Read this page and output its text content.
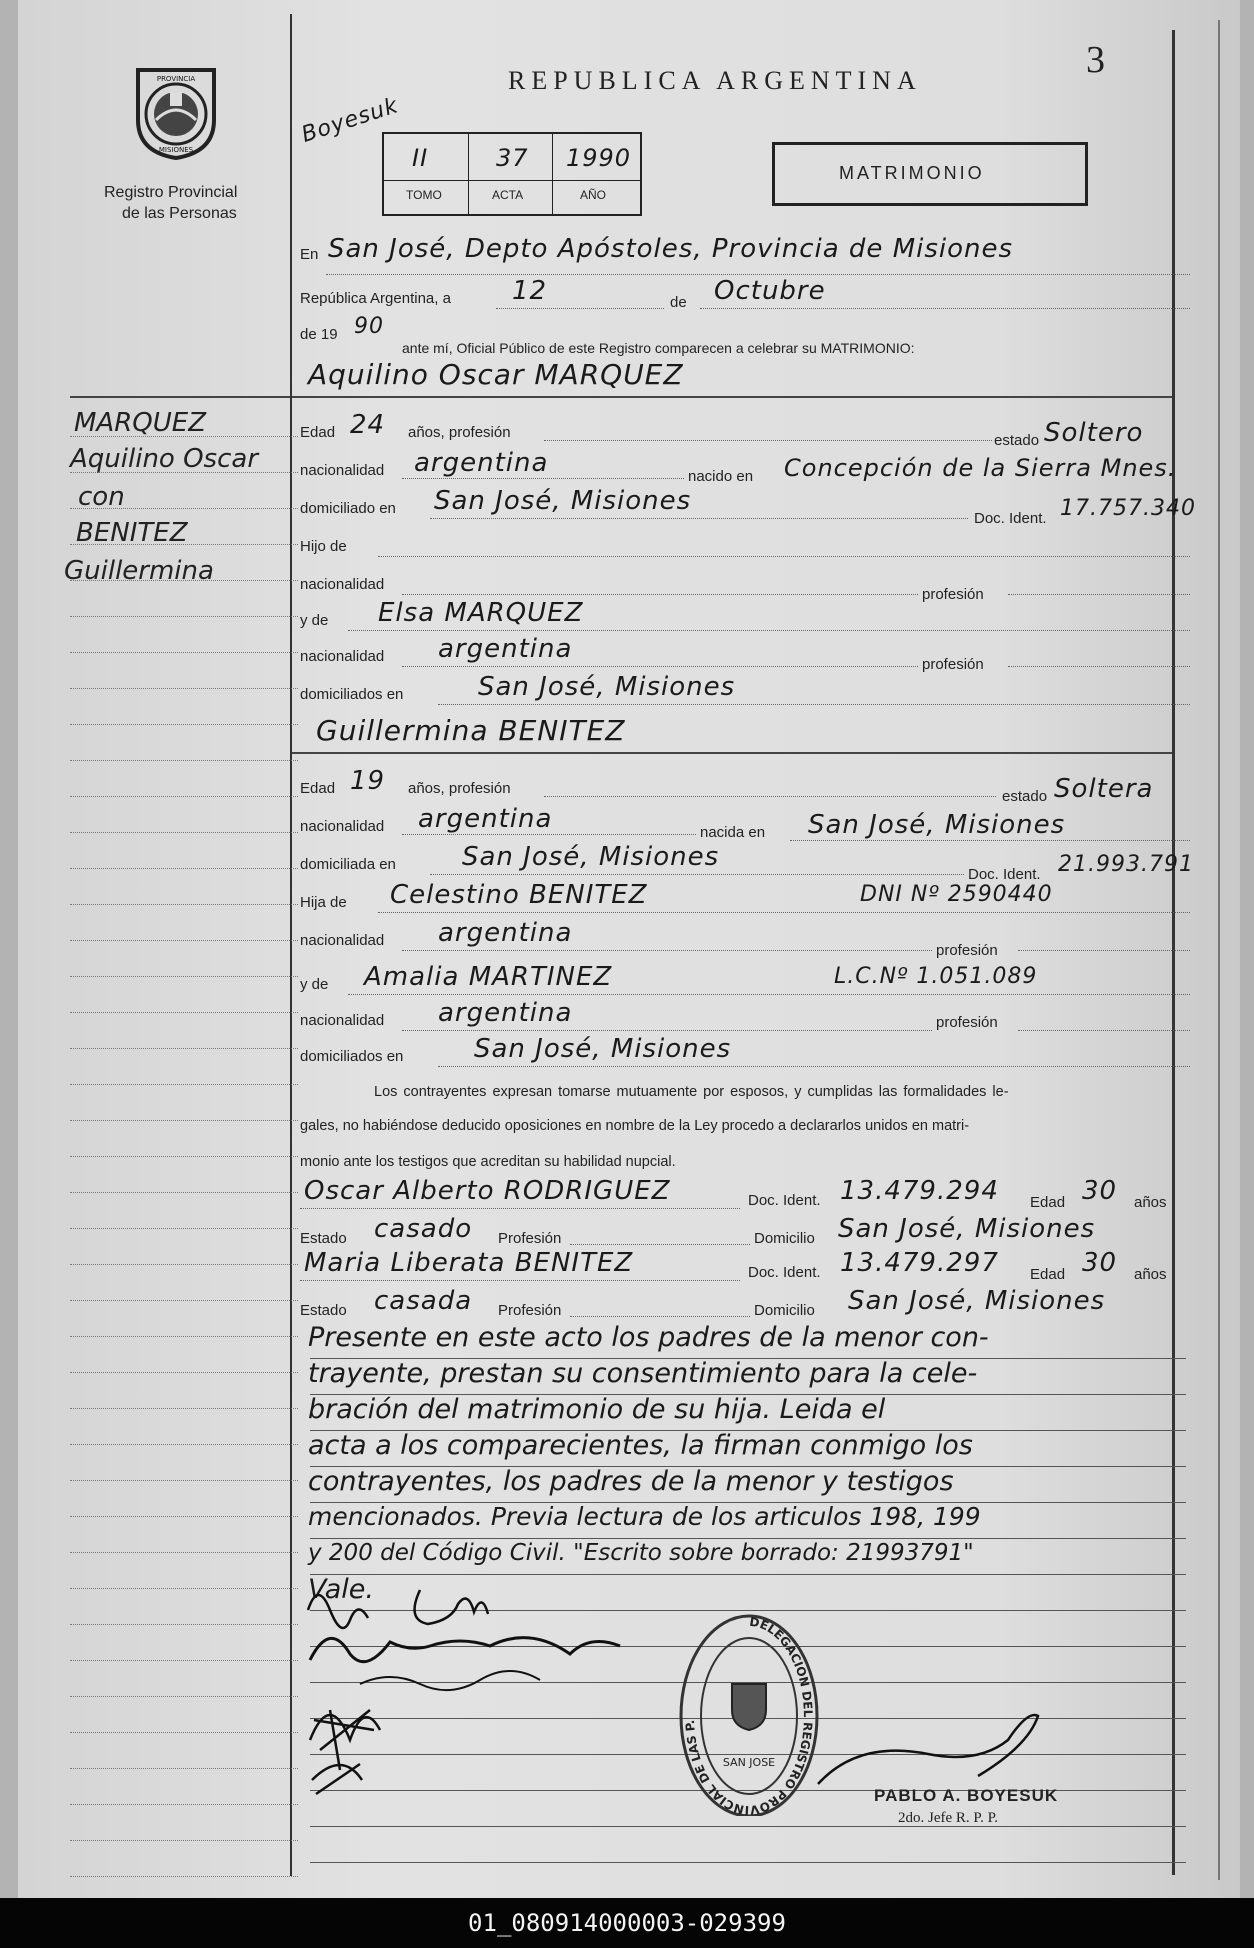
PROVINCIA
MISIONES
Registro Provincial
de las Personas
REPUBLICA ARGENTINA	3
Boyesuk
II	37 1990
TOMO	ACTA	AÑO
MATRIMONIO
En San José, Depto Apóstoles, Provincia de Misiones
República Argentina, a 12	de Octubre
de 19 90
ante mí, Oficial Público de este Registro comparecen a celebrar su MATRIMONIO:
Aquilino Oscar MARQUEZ
Edad 24 años, profesión	estado Soltero
nacionalidad argentina	nacido en Concepción de la Sierra Mnes.
domiciliado en San José, Misiones
Doc. Ident. 17.757.340
Hijo de
nacionalidad
profesión
y de Elsa MARQUEZ
nacionalidad argentina
profesión
domiciliados en	San José, Misiones
Guillermina BENITEZ
Edad 19 años, profesión	estado Soltera
nacionalidad argentina	nacida en San José, Misiones
domiciliada en	San José, Misiones
Doc. Ident. 21.993.791
Hija de Celestino BENITEZ	DNI Nº 2590440
nacionalidad argentina
profesión
y de Amalia MARTINEZ	L.C.Nº 1.051.089
nacionalidad argentina	profesión
domiciliados en	San José, Misiones
Los contrayentes expresan tomarse mutuamente por esposos, y cumplidas las formalidades le-
gales, no habiéndose deducido oposiciones en nombre de la Ley procedo a declararlos unidos en matri-
monio ante los testigos que acreditan su habilidad nupcial.
Oscar Alberto RODRIGUEZ	Doc. Ident. 13.479.294 Edad 30 años
Estado casado Profesión	Domicilio San José, Misiones
Maria Liberata BENITEZ	Doc. Ident. 13.479.297 Edad 30 años
Estado casada Profesión	Domicilio San José, Misiones
Presente en este acto los padres de la menor con-
trayente, prestan su consentimiento para la cele-
bración del matrimonio de su hija. Leida el
acta a los comparecientes, la firman conmigo los
contrayentes, los padres de la menor y testigos
mencionados. Previa lectura de los articulos 198, 199
y 200 del Código Civil. "Escrito sobre borrado: 21993791"
Vale.
DELEGACION DEL REGISTRO PROVINCIAL DE LAS P.
SAN JOSE
PABLO A. BOYESUK
2do. Jefe R. P. P.
MARQUEZ
Aquilino Oscar
con
BENITEZ
Guillermina
01_080914000003-029399
